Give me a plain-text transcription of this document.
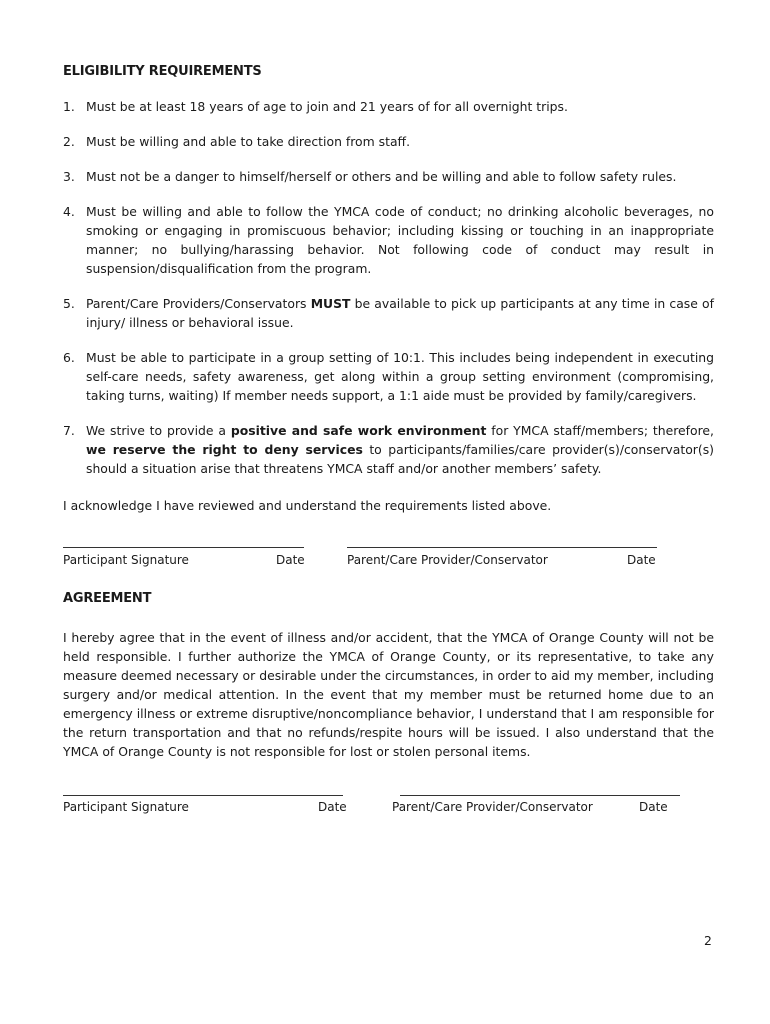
ELIGIBILITY REQUIREMENTS
1. Must be at least 18 years of age to join and 21 years of for all overnight trips.
2. Must be willing and able to take direction from staff.
3. Must not be a danger to himself/herself or others and be willing and able to follow safety rules.
4. Must be willing and able to follow the YMCA code of conduct; no drinking alcoholic beverages, no smoking or engaging in promiscuous behavior; including kissing or touching in an inappropriate manner; no bullying/harassing behavior. Not following code of conduct may result in suspension/disqualification from the program.
5. Parent/Care Providers/Conservators MUST be available to pick up participants at any time in case of injury/ illness or behavioral issue.
6. Must be able to participate in a group setting of 10:1. This includes being independent in executing self-care needs, safety awareness, get along within a group setting environment (compromising, taking turns, waiting) If member needs support, a 1:1 aide must be provided by family/caregivers.
7. We strive to provide a positive and safe work environment for YMCA staff/members; therefore, we reserve the right to deny services to participants/families/care provider(s)/conservator(s) should a situation arise that threatens YMCA staff and/or another members’ safety.

I acknowledge I have reviewed and understand the requirements listed above.

Participant Signature	Date	Parent/Care Provider/Conservator	Date
AGREEMENT

I hereby agree that in the event of illness and/or accident, that the YMCA of Orange County will not be held responsible. I further authorize the YMCA of Orange County, or its representative, to take any measure deemed necessary or desirable under the circumstances, in order to aid my member, including surgery and/or medical attention. In the event that my member must be returned home due to an emergency illness or extreme disruptive/noncompliance behavior, I understand that I am responsible for the return transportation and that no refunds/respite hours will be issued. I also understand that the YMCA of Orange County is not responsible for lost or stolen personal items.

Participant Signature	Date	Parent/Care Provider/Conservator	Date
2
